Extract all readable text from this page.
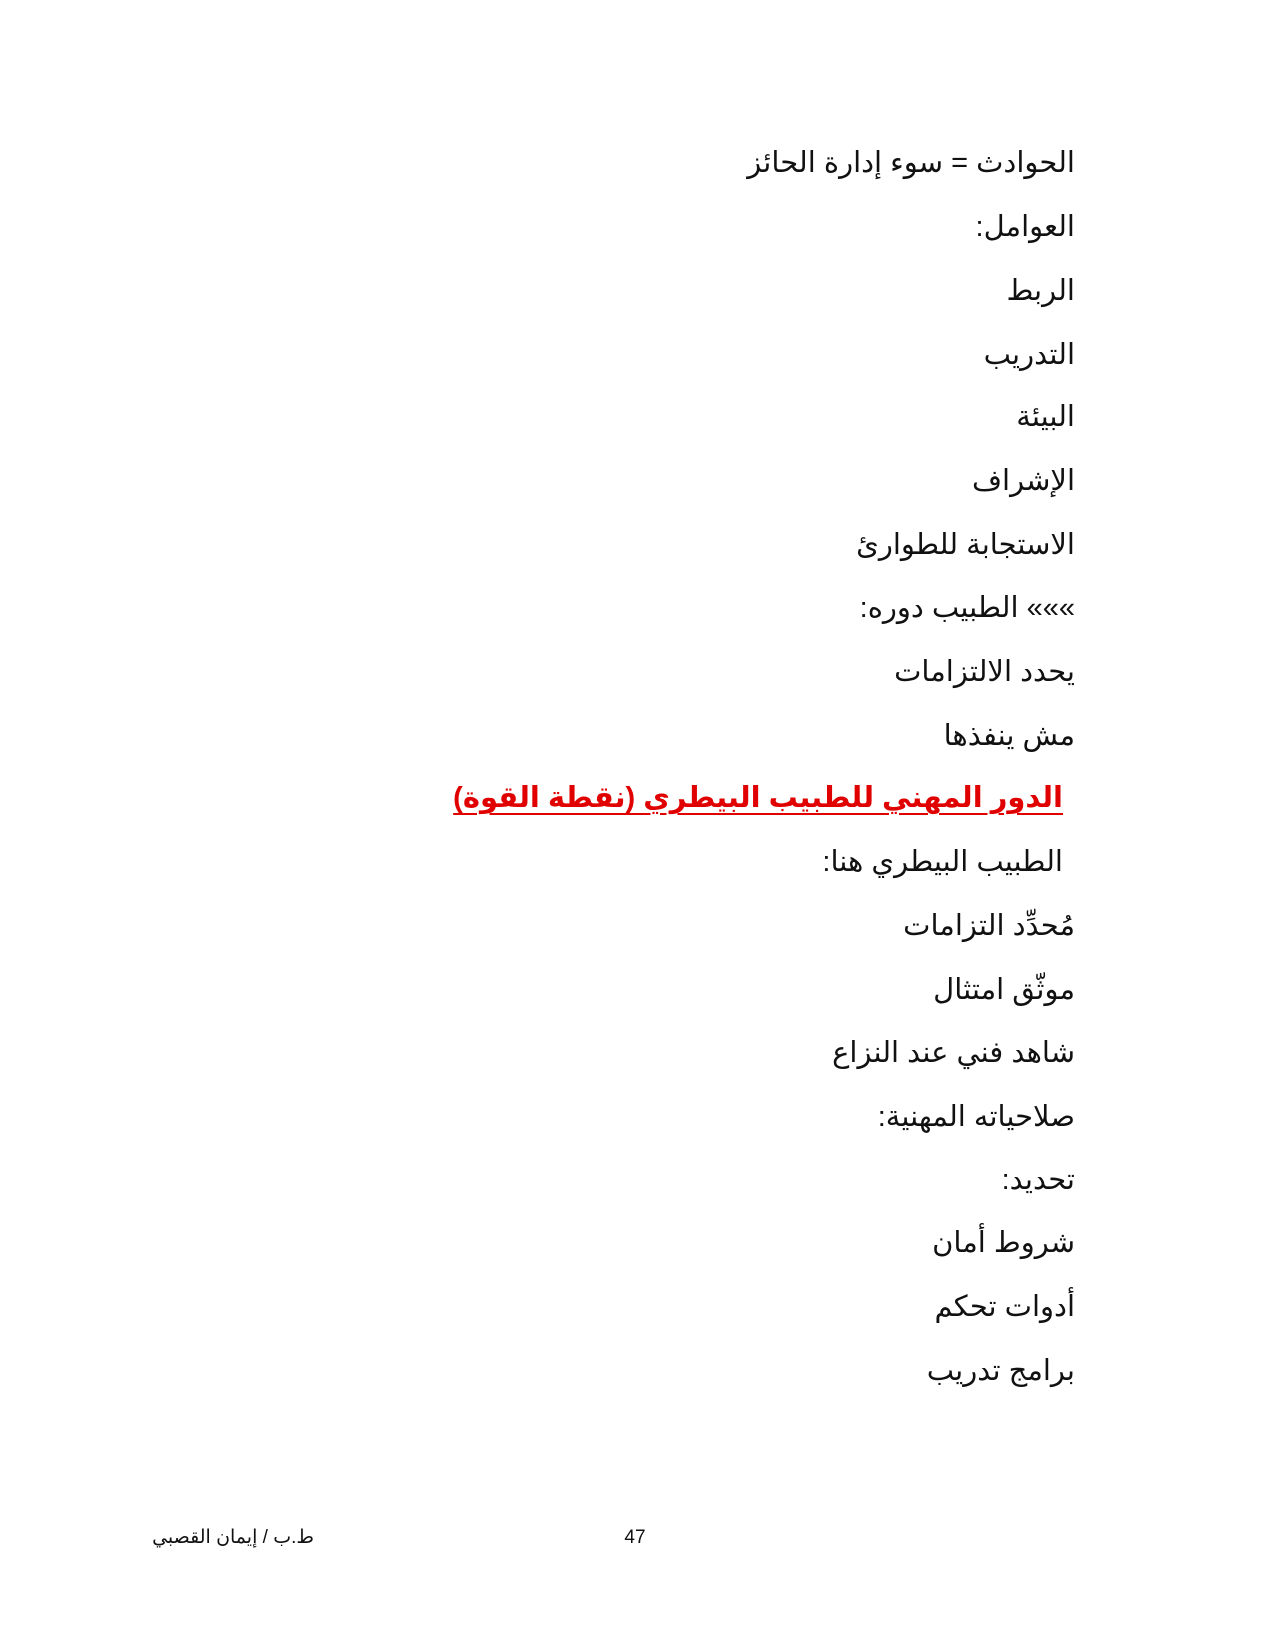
الحوادث = سوء إدارة الحائز
العوامل:
الربط
التدريب
البيئة
الإشراف
الاستجابة للطوارئ
»»» الطبيب دوره:
يحدد الالتزامات
مش ينفذها
الدور المهني للطبيب البيطري (نقطة القوة)
الطبيب البيطري هنا:
مُحدِّد التزامات
موثّق امتثال
شاهد فني عند النزاع
صلاحياته المهنية:
تحديد:
شروط أمان
أدوات تحكم
برامج تدريب
ط.ب / إيمان القصبي	47
